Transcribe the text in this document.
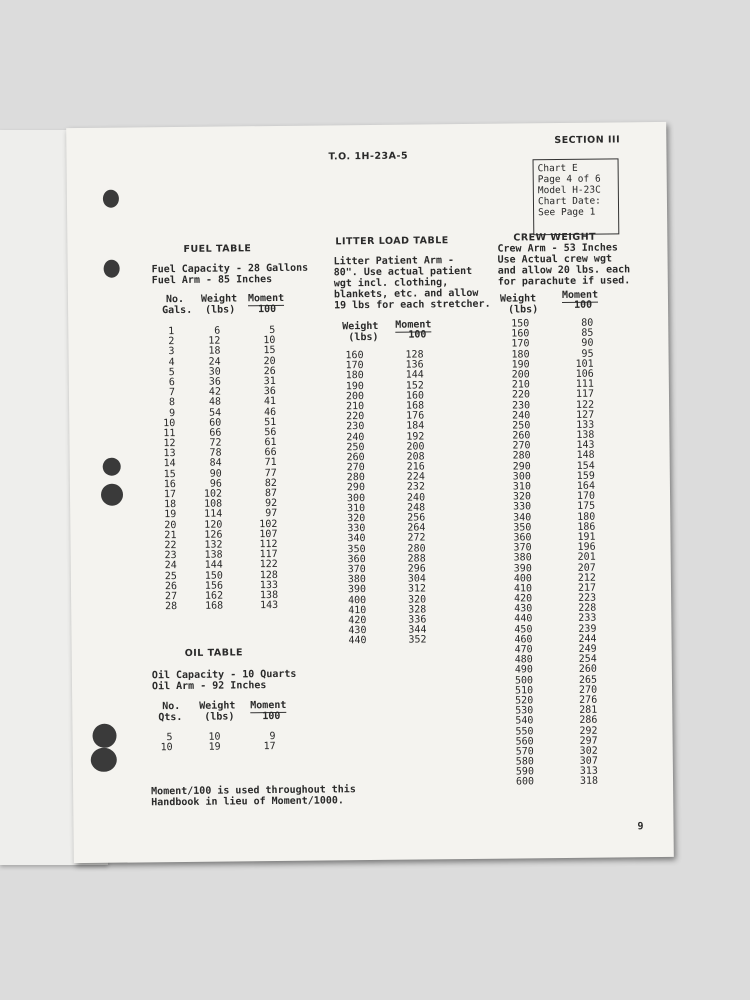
T.O. 1H-23A-5
SECTION III
Chart E
Page 4 of 6
Model H-23C
Chart Date:
See Page 1
FUEL TABLE
Fuel Capacity - 28 Gallons
Fuel Arm - 85 Inches
No.
Gals.
Weight
(lbs)
Moment
100
1
2
3
4
5
6
7
8
9
10
11
12
13
14
15
16
17
18
19
20
21
22
23
24
25
26
27
28
6
12
18
24
30
36
42
48
54
60
66
72
78
84
90
96
102
108
114
120
126
132
138
144
150
156
162
168
5
10
15
20
26
31
36
41
46
51
56
61
66
71
77
82
87
92
97
102
107
112
117
122
128
133
138
143
OIL TABLE
Oil Capacity - 10 Quarts
Oil Arm - 92 Inches
No.
Qts.
Weight
(lbs)
Moment
100
5
10
10
19
9
17
Moment/100 is used throughout this
Handbook in lieu of Moment/1000.
LITTER LOAD TABLE
Litter Patient Arm -
80". Use actual patient
wgt incl. clothing,
blankets, etc. and allow
19 lbs for each stretcher.
Weight
(lbs)
Moment
100
160
170
180
190
200
210
220
230
240
250
260
270
280
290
300
310
320
330
340
350
360
370
380
390
400
410
420
430
440
128
136
144
152
160
168
176
184
192
200
208
216
224
232
240
248
256
264
272
280
288
296
304
312
320
328
336
344
352
CREW WEIGHT
Crew Arm - 53 Inches
Use Actual crew wgt
and allow 20 lbs. each
for parachute if used.
Weight
(lbs)
Moment
100
150
160
170
180
190
200
210
220
230
240
250
260
270
280
290
300
310
320
330
340
350
360
370
380
390
400
410
420
430
440
450
460
470
480
490
500
510
520
530
540
550
560
570
580
590
600
80
85
90
95
101
106
111
117
122
127
133
138
143
148
154
159
164
170
175
180
186
191
196
201
207
212
217
223
228
233
239
244
249
254
260
265
270
276
281
286
292
297
302
307
313
318
9
